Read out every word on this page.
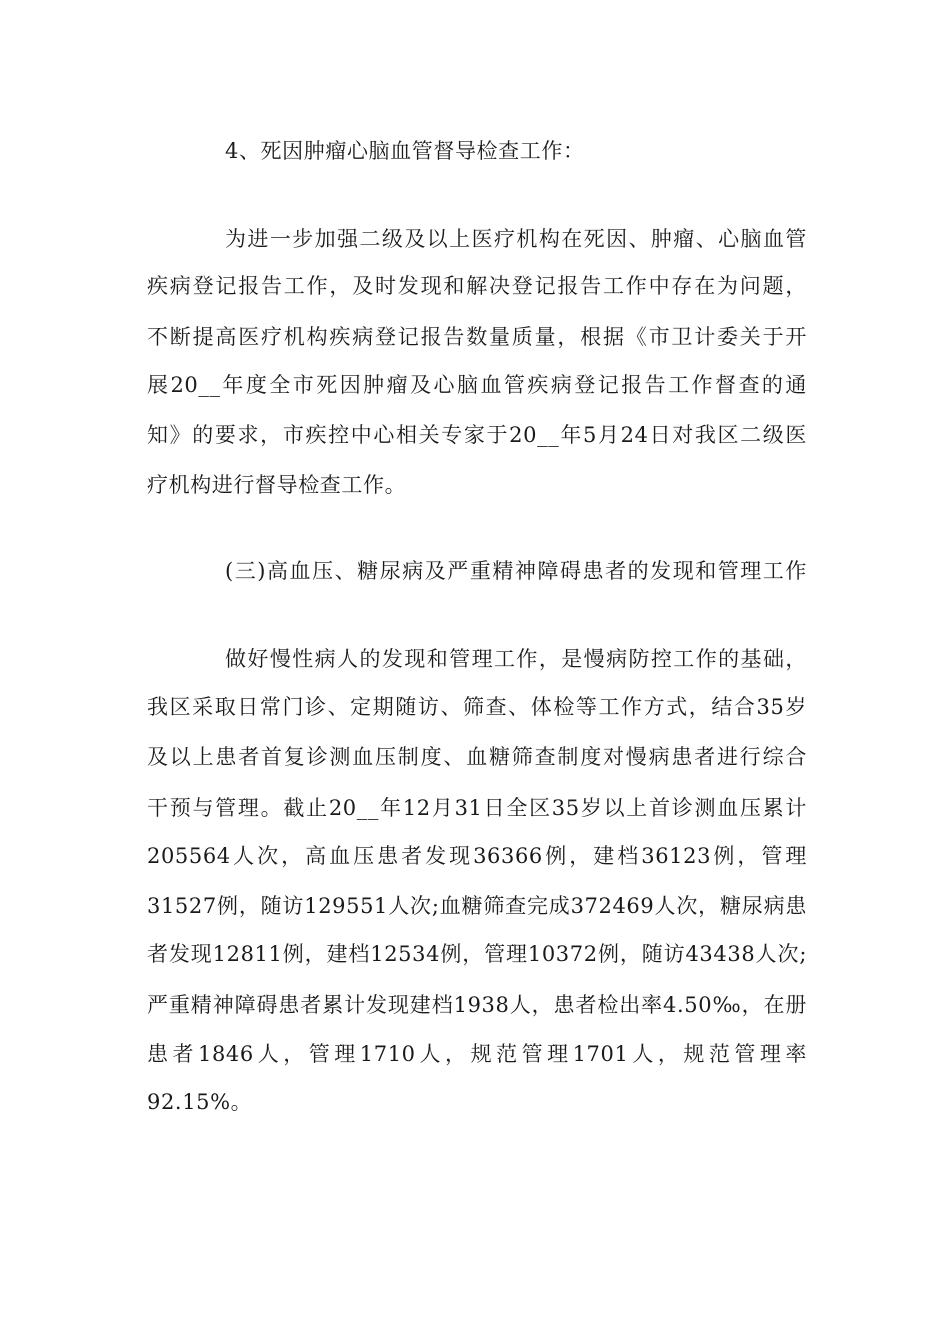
4、死因肿瘤心脑血管督导检查工作：
为进一步加强二级及以上医疗机构在死因、肿瘤、心脑血管
疾病登记报告工作，及时发现和解决登记报告工作中存在为问题，
不断提高医疗机构疾病登记报告数量质量，根据《市卫计委关于开
展20__年度全市死因肿瘤及心脑血管疾病登记报告工作督查的通
知》的要求，市疾控中心相关专家于20__年5月24日对我区二级医
疗机构进行督导检查工作。
(三)高血压、糖尿病及严重精神障碍患者的发现和管理工作
做好慢性病人的发现和管理工作，是慢病防控工作的基础，
我区采取日常门诊、定期随访、筛查、体检等工作方式，结合35岁
及以上患者首复诊测血压制度、血糖筛查制度对慢病患者进行综合
干预与管理。截止20__年12月31日全区35岁以上首诊测血压累计
205564人次，高血压患者发现36366例，建档36123例，管理
31527例，随访129551人次;血糖筛查完成372469人次，糖尿病患
者发现12811例，建档12534例，管理10372例，随访43438人次;
严重精神障碍患者累计发现建档1938人，患者检出率4.50‰，在册
患者1846人，管理1710人，规范管理1701人，规范管理率
92.15%。
